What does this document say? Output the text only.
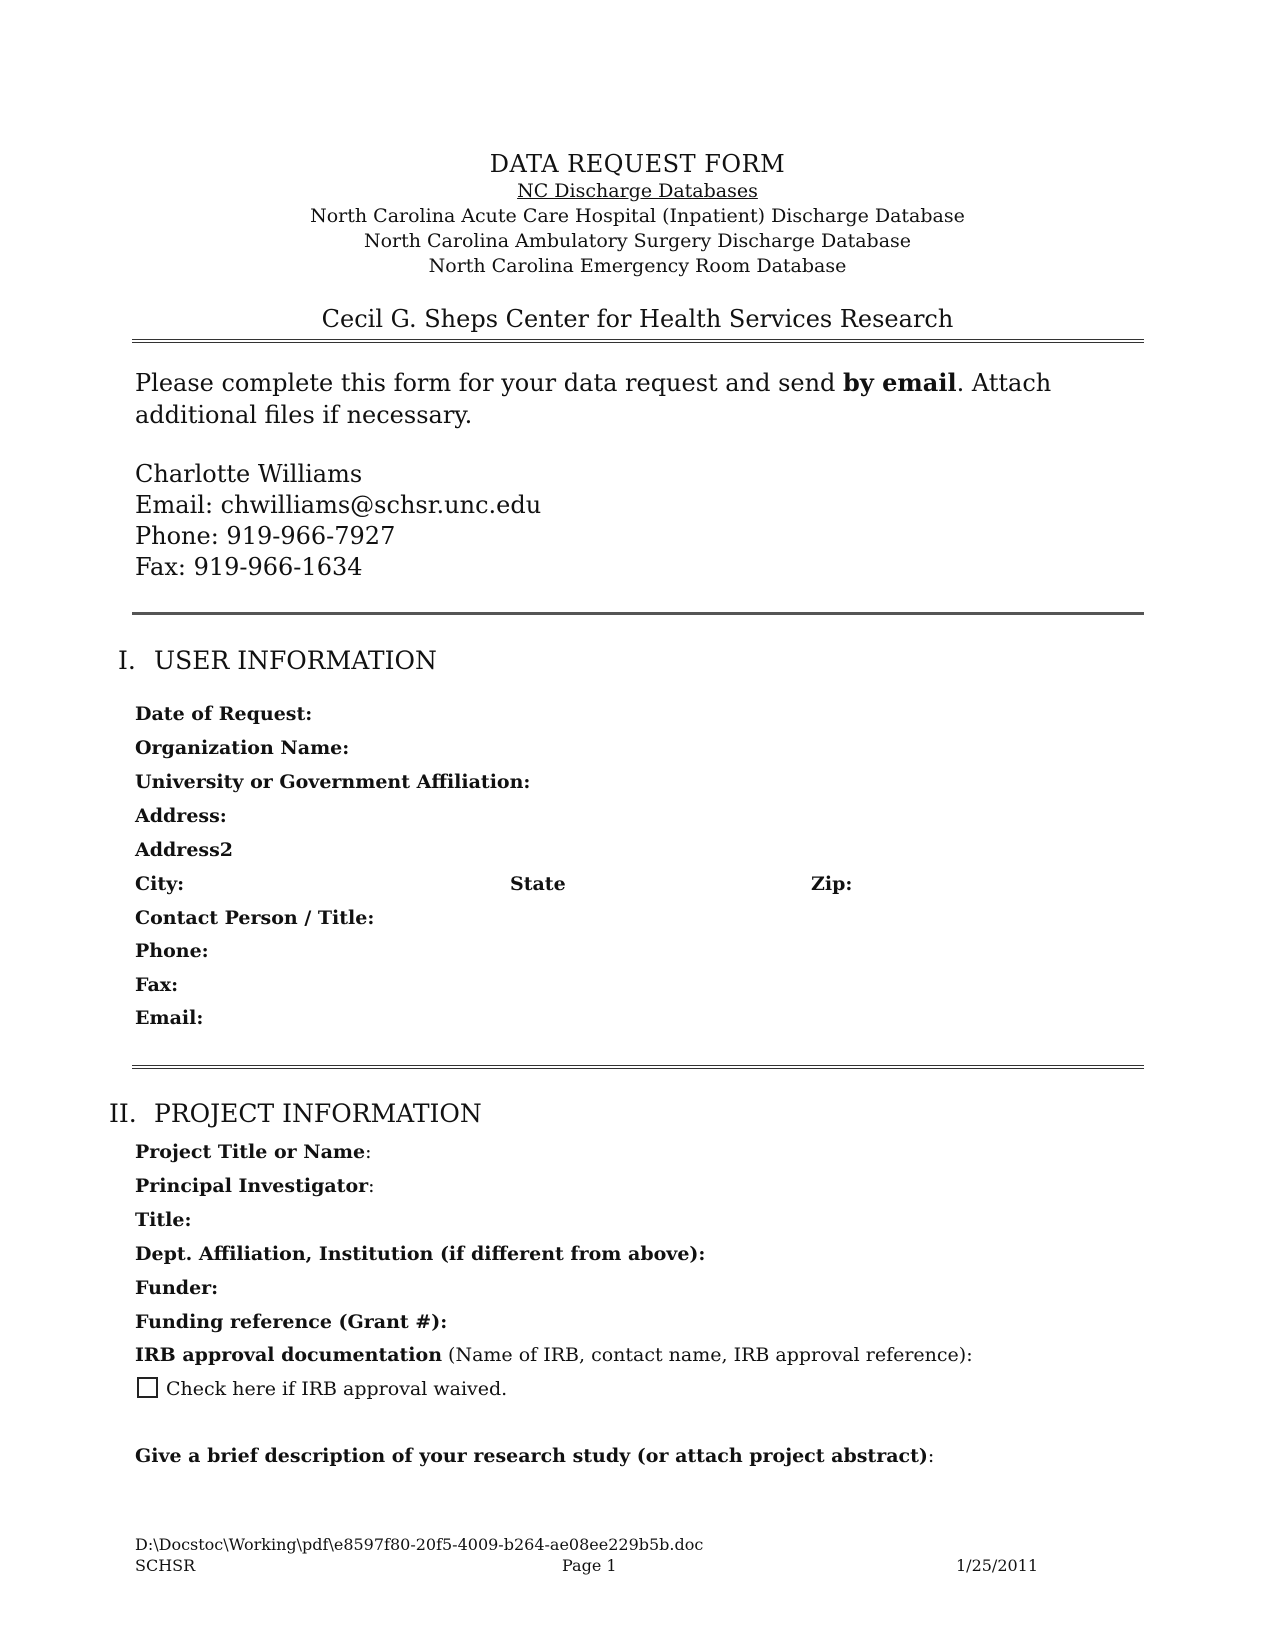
DATA REQUEST FORM
NC Discharge Databases
North Carolina Acute Care Hospital (Inpatient) Discharge Database
North Carolina Ambulatory Surgery Discharge Database
North Carolina Emergency Room Database
Cecil G. Sheps Center for Health Services Research
Please complete this form for your data request and send by email. Attach additional files if necessary.
Charlotte Williams
Email: chwilliams@schsr.unc.edu
Phone: 919-966-7927
Fax: 919-966-1634
I. USER INFORMATION
Date of Request:
Organization Name:
University or Government Affiliation:
Address:
Address2
City:	State	Zip:
Contact Person / Title:
Phone:
Fax:
Email:
II. PROJECT INFORMATION
Project Title or Name:
Principal Investigator:
Title:
Dept. Affiliation, Institution (if different from above):
Funder:
Funding reference (Grant #):
IRB approval documentation (Name of IRB, contact name, IRB approval reference):
Check here if IRB approval waived.
Give a brief description of your research study (or attach project abstract):
D:\Docstoc\Working\pdf\e8597f80-20f5-4009-b264-ae08ee229b5b.doc
SCHSR	Page 1	1/25/2011
